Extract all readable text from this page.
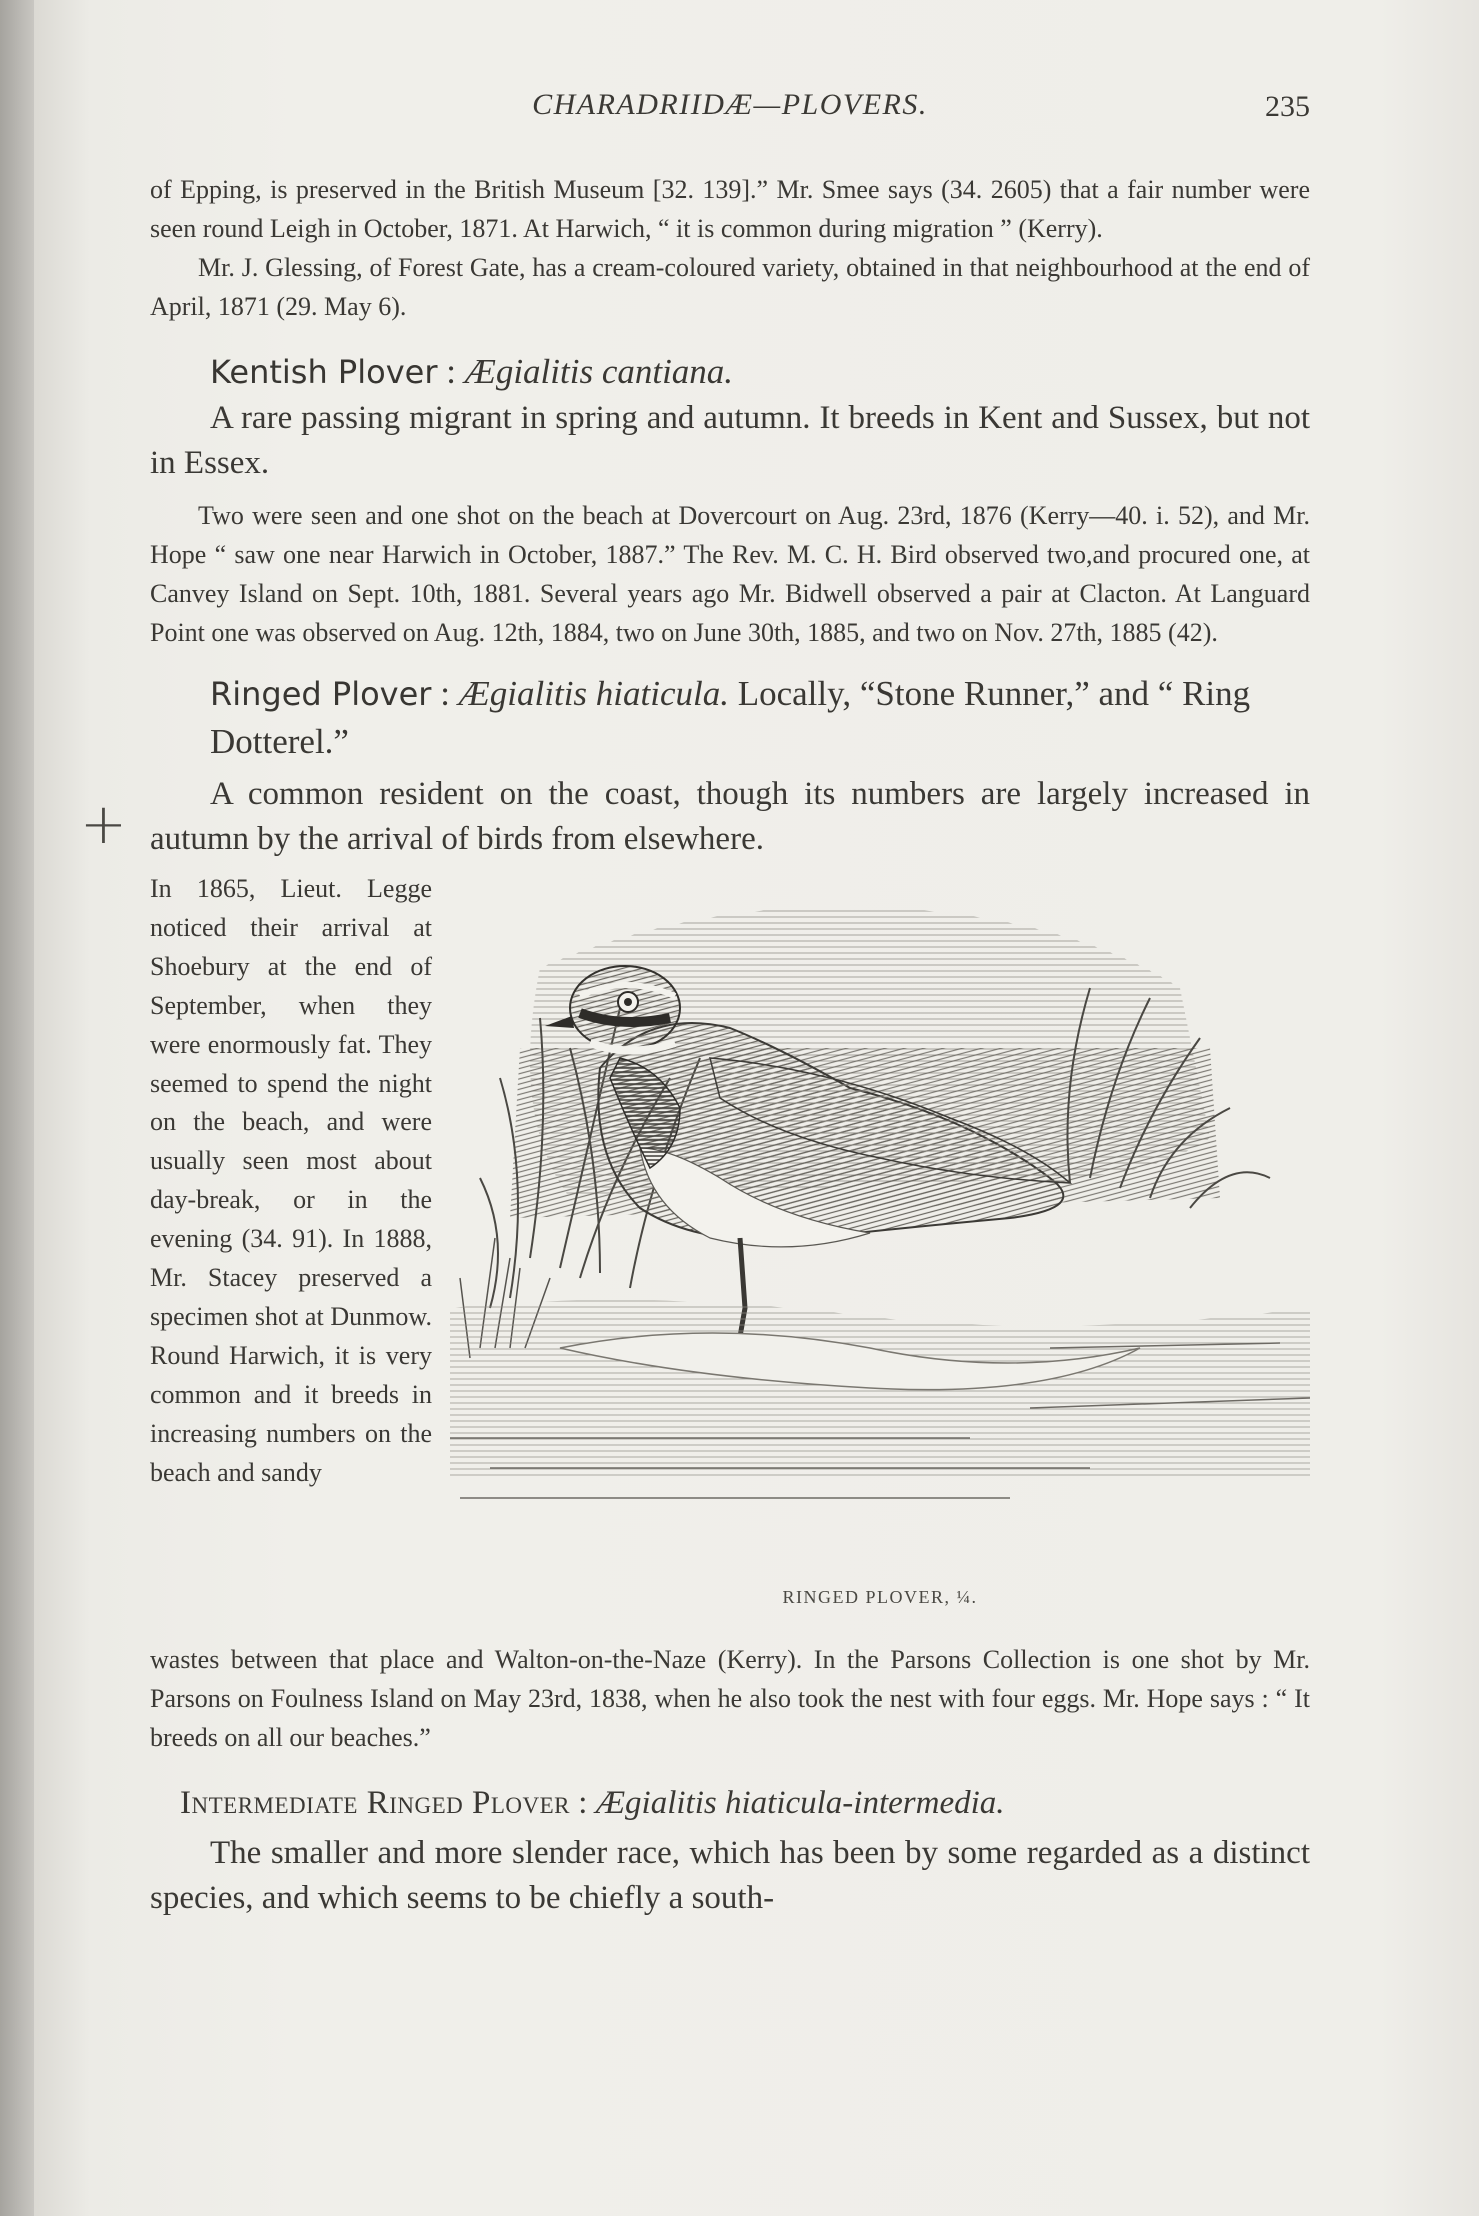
CHARADRIIDÆ—PLOVERS.	235
+

of Epping, is preserved in the British Museum [32. 139].” Mr. Smee says (34. 2605) that a fair number were seen round Leigh in October, 1871. At Harwich, “ it is common during migration ” (Kerry).

Mr. J. Glessing, of Forest Gate, has a cream-coloured variety, obtained in that neighbourhood at the end of April, 1871 (29. May 6).

Kentish Plover : Ægialitis cantiana.

A rare passing migrant in spring and autumn. It breeds in Kent and Sussex, but not in Essex.

Two were seen and one shot on the beach at Dovercourt on Aug. 23rd, 1876 (Kerry—40. i. 52), and Mr. Hope “ saw one near Harwich in October, 1887.” The Rev. M. C. H. Bird observed two,and procured one, at Canvey Island on Sept. 10th, 1881. Several years ago Mr. Bidwell observed a pair at Clacton. At Languard Point one was observed on Aug. 12th, 1884, two on June 30th, 1885, and two on Nov. 27th, 1885 (42).

Ringed Plover : Ægialitis hiaticula. Locally, “Stone Runner,” and “ Ring Dotterel.”

A common resident on the coast, though its numbers are largely increased in autumn by the arrival of birds from elsewhere.

In 1865, Lieut. Legge noticed their arrival at Shoebury at the end of September, when they were enormously fat. They seemed to spend the night on the beach, and were usually seen most about day-break, or in the evening (34. 91). In 1888, Mr. Stacey preserved a specimen shot at Dunmow. Round Harwich, it is very common and it breeds in increasing numbers on the beach and sandy

RINGED PLOVER, ¼.

wastes between that place and Walton-on-the-Naze (Kerry). In the Parsons Collection is one shot by Mr. Parsons on Foulness Island on May 23rd, 1838, when he also took the nest with four eggs. Mr. Hope says : “ It breeds on all our beaches.”

Intermediate Ringed Plover : Ægialitis hiaticula-intermedia.

The smaller and more slender race, which has been by some regarded as a distinct species, and which seems to be chiefly a south-
